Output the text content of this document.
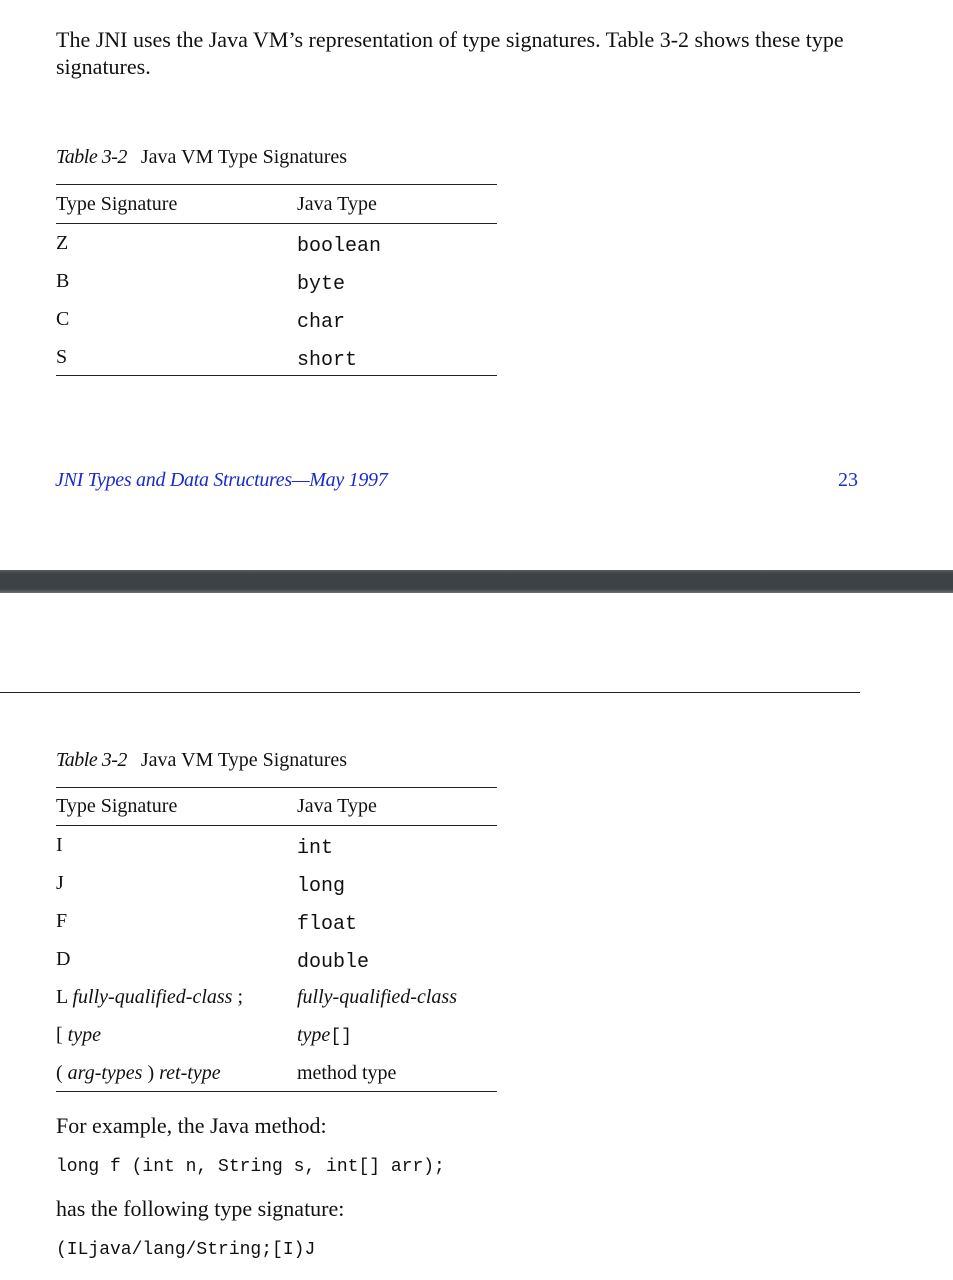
The JNI uses the Java VM’s representation of type signatures. Table 3-2 shows these type signatures.
Table 3-2 Java VM Type Signatures
Type Signature	Java Type
Z	boolean
B	byte
C	char
S	short
JNI Types and Data Structures—May 1997	23
Table 3-2 Java VM Type Signatures
Type Signature	Java Type
I	int
J	long
F	float
D	double
L fully-qualified-class ;	fully-qualified-class
[ type	type[]
( arg-types ) ret-type	method type
For example, the Java method:
long f (int n, String s, int[] arr);
has the following type signature:
(ILjava/lang/String;[I)J
